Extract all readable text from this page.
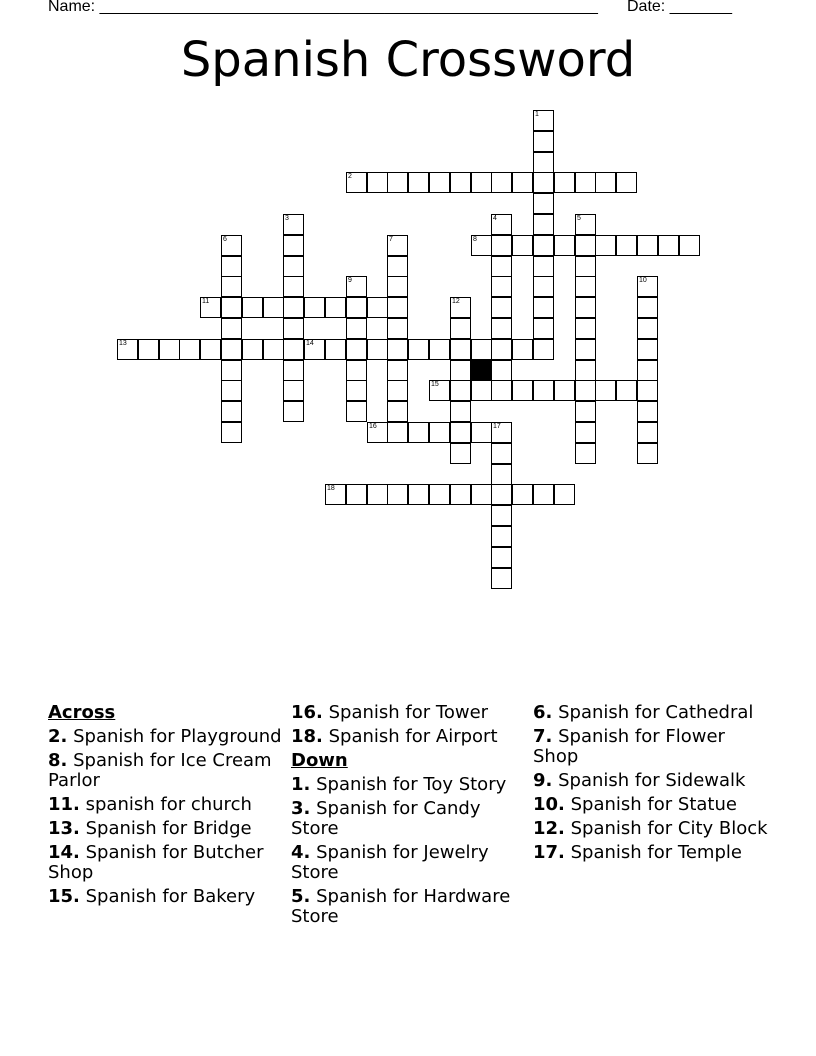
Name: ________________________________________________________ Date: _______
Spanish Crossword
1
2
3	4	5
6	7	8
9	10
11	12
13	14
15
16	17
18
Across
2. Spanish for Playground
8. Spanish for Ice Cream Parlor
11. spanish for church
13. Spanish for Bridge
14. Spanish for Butcher Shop
15. Spanish for Bakery
16. Spanish for Tower
18. Spanish for Airport
Down
1. Spanish for Toy Story
3. Spanish for Candy Store
4. Spanish for Jewelry Store
5. Spanish for Hardware Store
6. Spanish for Cathedral
7. Spanish for Flower Shop
9. Spanish for Sidewalk
10. Spanish for Statue
12. Spanish for City Block
17. Spanish for Temple
